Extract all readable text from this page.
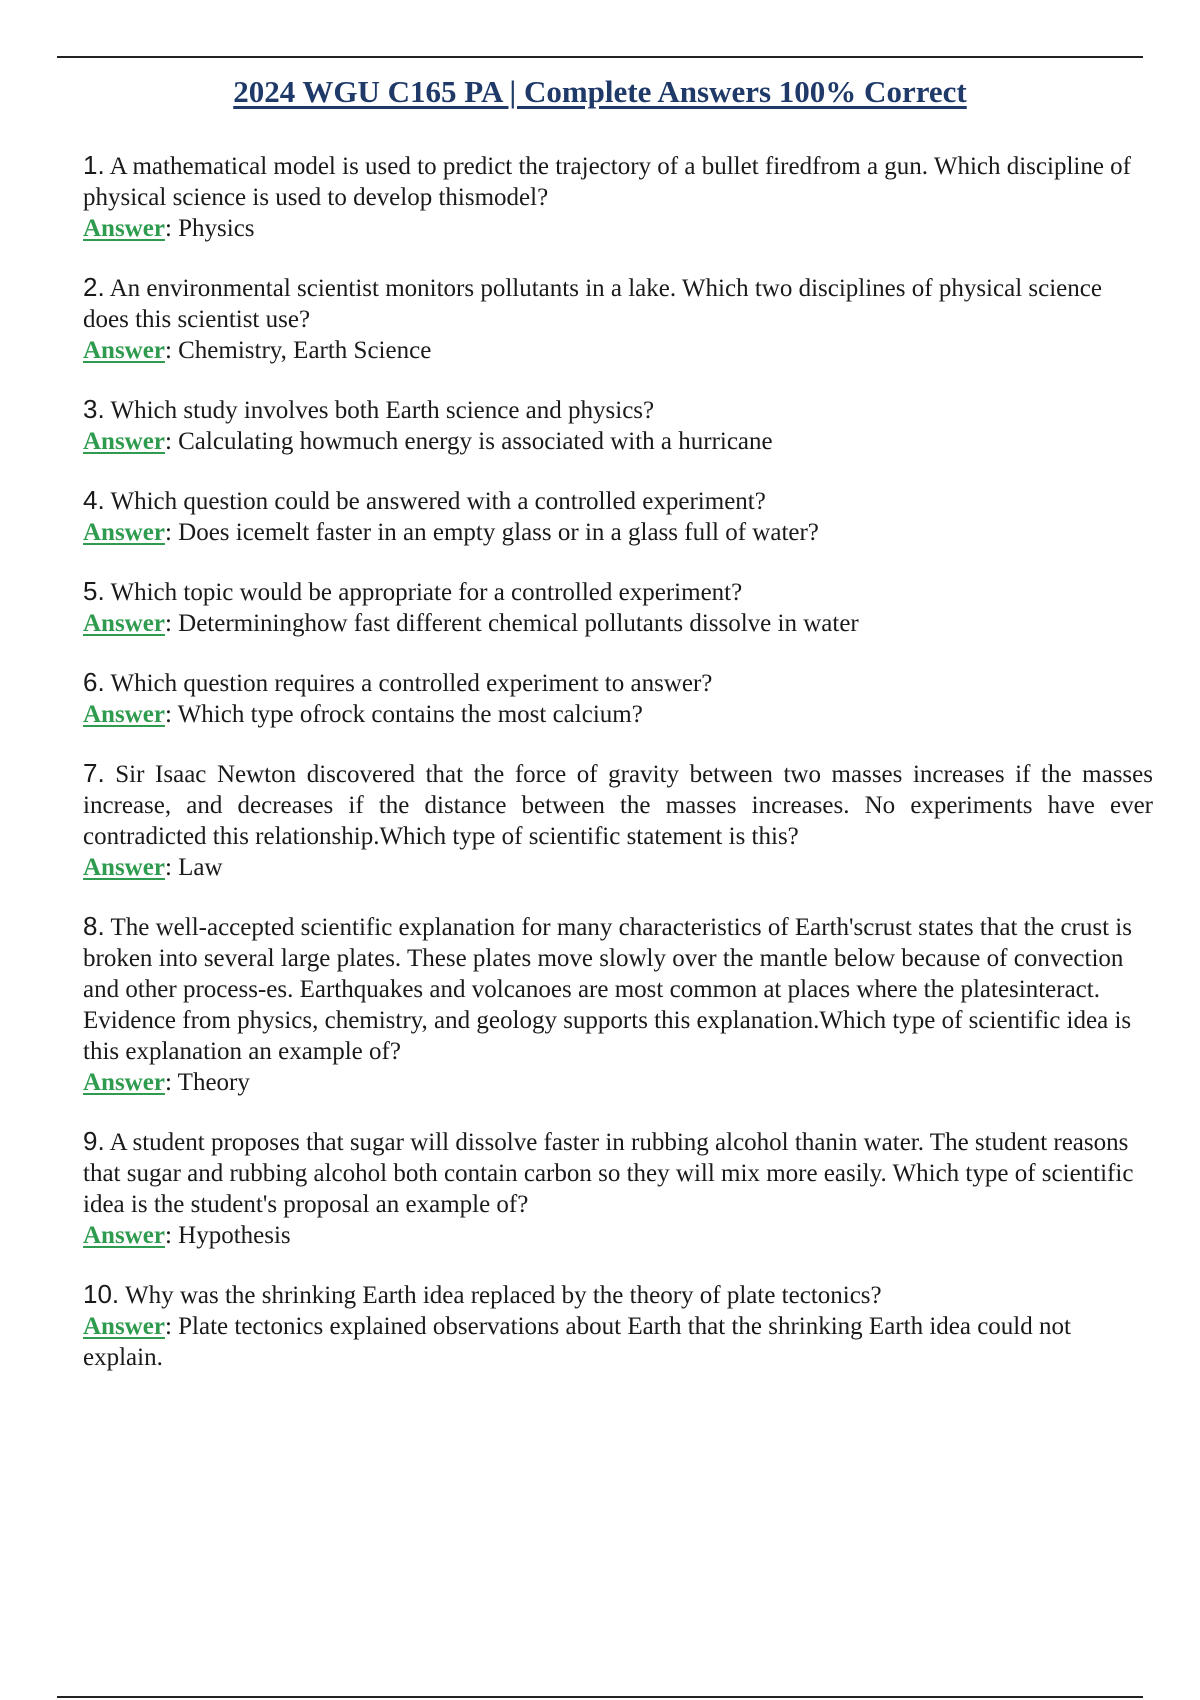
2024 WGU C165 PA | Complete Answers 100% Correct
1. A mathematical model is used to predict the trajectory of a bullet firedfrom a gun. Which discipline of physical science is used to develop thismodel?
Answer: Physics
2. An environmental scientist monitors pollutants in a lake. Which two disciplines of physical science does this scientist use?
Answer: Chemistry, Earth Science
3. Which study involves both Earth science and physics?
Answer: Calculating howmuch energy is associated with a hurricane
4. Which question could be answered with a controlled experiment?
Answer: Does icemelt faster in an empty glass or in a glass full of water?
5. Which topic would be appropriate for a controlled experiment?
Answer: Determininghow fast different chemical pollutants dissolve in water
6. Which question requires a controlled experiment to answer?
Answer: Which type ofrock contains the most calcium?
7. Sir Isaac Newton discovered that the force of gravity between two masses increases if the masses increase, and decreases if the distance between the masses increases. No experiments have ever contradicted this relationship.Which type of scientific statement is this?
Answer: Law
8. The well-accepted scientific explanation for many characteristics of Earth'scrust states that the crust is broken into several large plates. These plates move slowly over the mantle below because of convection and other process-es. Earthquakes and volcanoes are most common at places where the platesinteract. Evidence from physics, chemistry, and geology supports this explanation.Which type of scientific idea is this explanation an example of?
Answer: Theory
9. A student proposes that sugar will dissolve faster in rubbing alcohol thanin water. The student reasons that sugar and rubbing alcohol both contain carbon so they will mix more easily. Which type of scientific idea is the student's proposal an example of?
Answer: Hypothesis
10. Why was the shrinking Earth idea replaced by the theory of plate tectonics?
Answer: Plate tectonics explained observations about Earth that the shrinking Earth idea could not explain.
